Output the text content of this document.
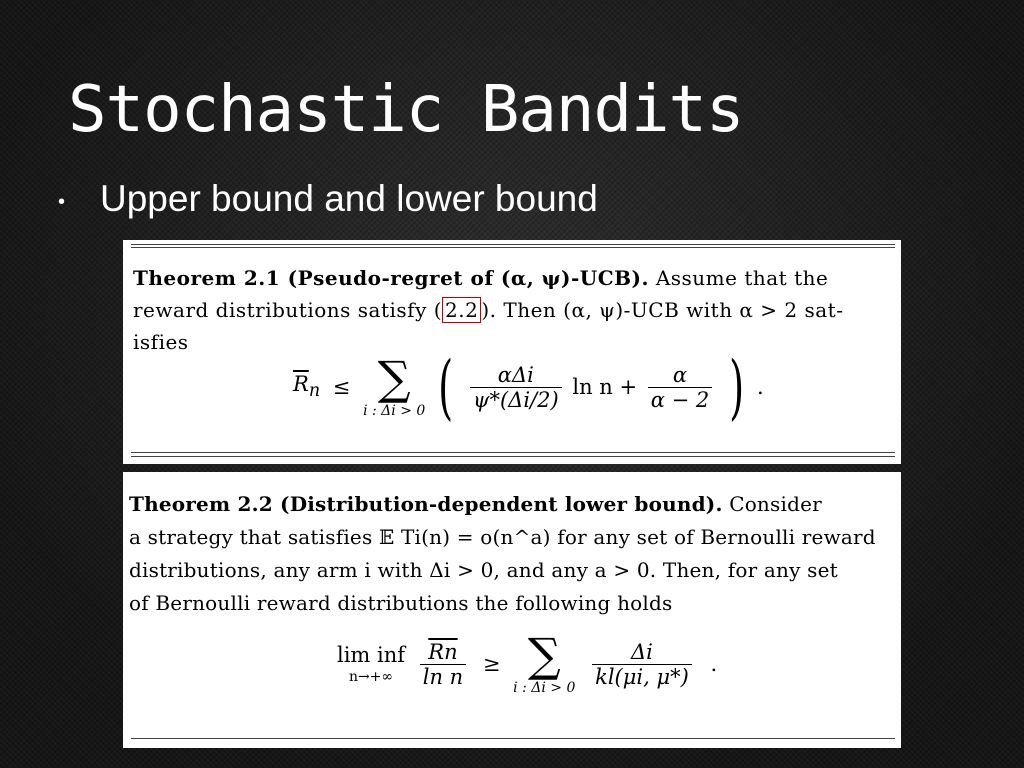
Stochastic Bandits
• Upper bound and lower bound
Theorem 2.1 (Pseudo-regret of (α, ψ)-UCB). Assume that the
reward distributions satisfy ( 2.2 ). Then (α, ψ)-UCB with α > 2 sat-
isfies
$\overline{R}_n$ ≤ ∑
i : Δi > 0 ( $\frac{\text{αΔi}}{\psi*(\Delta i/2)}$ $\ln n + \frac{\alpha}{\alpha - 2}$ ) .
Theorem 2.2 (Distribution-dependent lower bound). Consider
a strategy that satisfies 𝔼 Ti(n) = o(n^a) for any set of Bernoulli reward
distributions, any arm i with Δi > 0, and any a > 0. Then, for any set
of Bernoulli reward distributions the following holds
lim inf
n→+∞
	$\frac{\overline{Rn}}{\text{ln n}}$ ≥ ∑
i : Δi > 0
$\frac{\Delta i}{kl(\mu i, \mu*)}$ .
